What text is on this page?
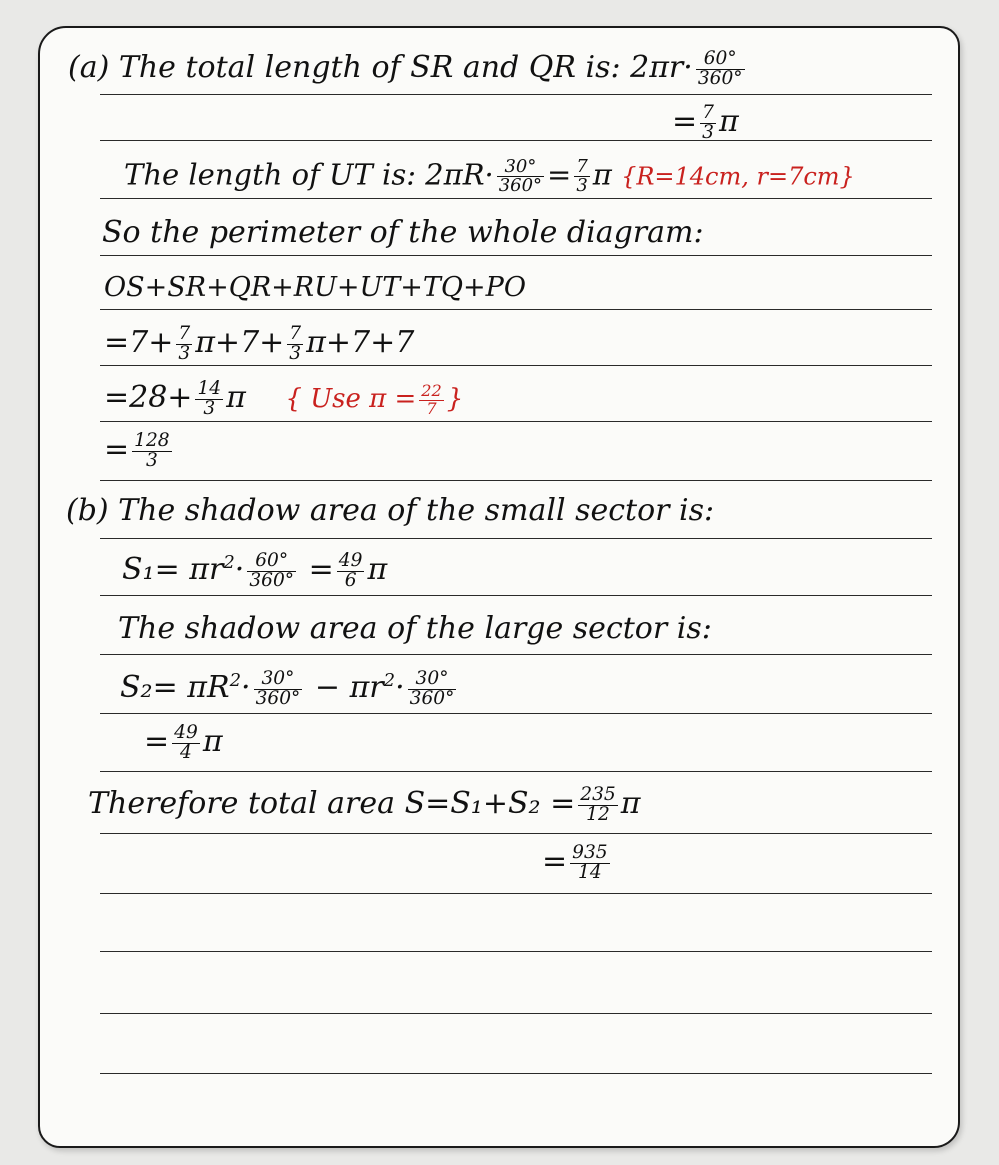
(a) The total length of SR and QR is: $2\pi r\cdot \frac{60^\circ}{360^\circ}$
= $\frac{7}{3}$ π
The length of UT is: $2\pi R\cdot \frac{30^\circ}{360^\circ} = \frac{7}{3}$ π {R=14cm, r=7cm}
So the perimeter of the whole diagram:
OS+SR+QR+RU+UT+TQ+PO
$=7+ \frac{7}{3} \pi+7+ \frac{7}{3} \pi+7+7$
$=28+ \frac{14}{3}$ π { Use $\pi = \frac{22}{7}$ }
= $\frac{128}{3}$
(b) The shadow area of the small sector is:
$S_1= \pi r^2\cdot \frac{60^\circ}{360^\circ} = \frac{49}{6}$ π
The shadow area of the large sector is:
$S_2= \pi R^2\cdot \frac{30^\circ}{360^\circ} - \pi r^2\cdot \frac{30^\circ}{360^\circ}$
= $\frac{49}{4}$ π
Therefore total area $S=S_1+S_2 = \frac{235}{12}$ π
= $\frac{935}{14}$
